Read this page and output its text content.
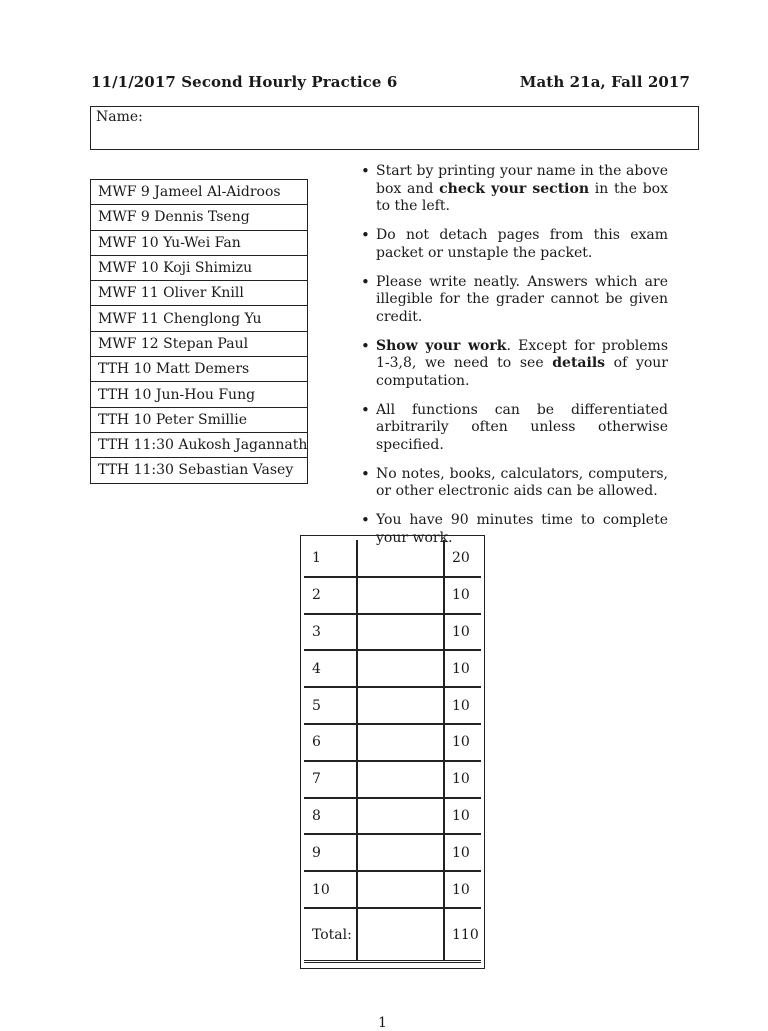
11/1/2017 Second Hourly Practice 6	Math 21a, Fall 2017
Name:
MWF 9 Jameel Al-Aidroos
MWF 9 Dennis Tseng
MWF 10 Yu-Wei Fan
MWF 10 Koji Shimizu
MWF 11 Oliver Knill
MWF 11 Chenglong Yu
MWF 12 Stepan Paul
TTH 10 Matt Demers
TTH 10 Jun-Hou Fung
TTH 10 Peter Smillie
TTH 11:30 Aukosh Jagannath
TTH 11:30 Sebastian Vasey
• Start by printing your name in the above box and check your section in the box to the left.
• Do not detach pages from this exam packet or unstaple the packet.
• Please write neatly. Answers which are illegible for the grader cannot be given credit.
• Show your work. Except for problems 1-3,8, we need to see details of your computation.
• All functions can be differentiated arbitrarily often unless otherwise specified.
• No notes, books, calculators, computers, or other electronic aids can be allowed.
• You have 90 minutes time to complete your work.
1		20
2		10
3		10
4		10
5		10
6		10
7		10
8		10
9		10
10		10
Total:		110
1
